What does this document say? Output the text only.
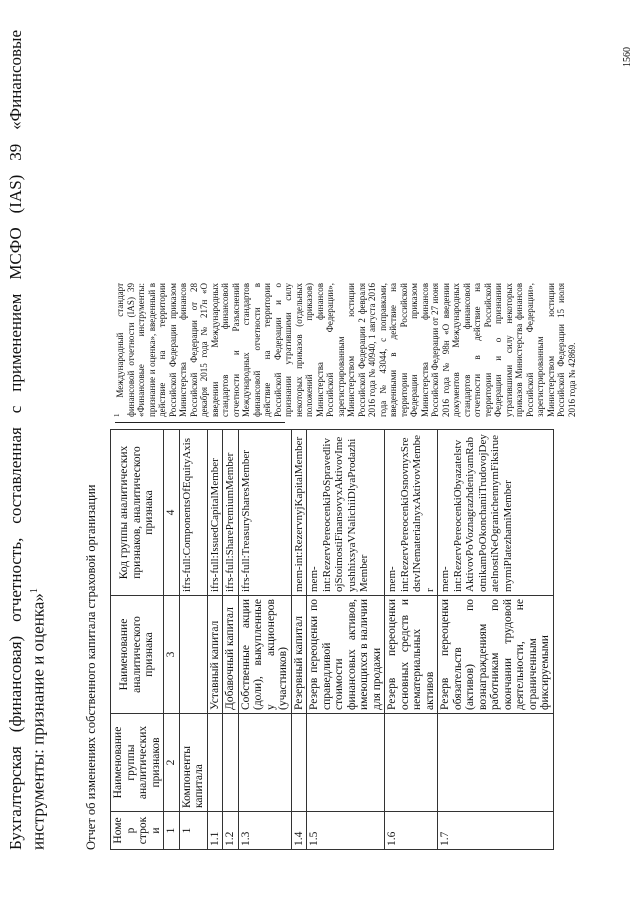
Бухгалтерская (финансовая) отчетность, составленная с применением МСФО (IAS) 39 «Финансовые инструменты: признание и оценка»$^1$	Отчет об изменениях собственного капитала страховой организации Номер строки	Наименование группы аналитических признаков	Наименование аналитического признака	Код группы аналитических признаков, аналитического признака
1	2	3	4
1	Компоненты капитала		ifrs-full:ComponentsOfEquityAxis
1.1		Уставный капитал	ifrs-full:IssuedCapitalMember
1.2		Добавочный капитал	ifrs-full:SharePremiumMember
1.3		Собственные акции (доли), выкупленные у акционеров (участников)	ifrs-full:TreasurySharesMember
1.4		Резервный капитал	mem-int:RezervnyjKapitalMember
1.5		Резерв переоценки по справедливой стоимости финансовых активов, имеющихся в наличии для продажи	mem-int:RezervPereocenkiPoSpravedlivojStoimostiFinansovyxAktivovImeyushhixsyaVNalichiiDlyaProdazhiMember
1.6		Резерв переоценки основных средств и нематериальных активов	mem-int:RezervPereocenkiOsnovnyxSredstvINematerialnyxAktivovMember
1.7		Резерв переоценки обязательств (активов) по вознаграждениям работникам по окончании трудовой деятельности, не ограниченным фиксируемыми	mem-int:RezervPereocenkiObyazatelstvAktivovPoVoznagrazhdeniyamRabotnikamPoOkonchaniiTrudovojDeyatelnostiNeOgranichennymFiksiruemymiPlatezhamiMember
$^1$ Международный стандарт финансовой отчетности (IAS) 39 «Финансовые инструменты: признание и оценка», введенный в действие на территории Российской Федерации приказом Министерства финансов Российской Федерации от 28 декабря 2015 года № 217н «О введении Международных стандартов финансовой отчетности и Разъяснений Международных стандартов финансовой отчетности в действие на территории Российской Федерации и о признании утратившими силу некоторых приказов (отдельных положений приказов) Министерства финансов Российской Федерации», зарегистрированным Министерством юстиции Российской Федерации 2 февраля 2016 года № 40940, 1 августа 2016 года № 43044, с поправками, введенными в действие на территории Российской Федерации приказом Министерства финансов Российской Федерации от 27 июня 2016 года № 98н «О введении документов Международных стандартов финансовой отчетности в действие на территории Российской Федерации и о признании утратившими силу некоторых приказов Министерства финансов Российской Федерации», зарегистрированным Министерством юстиции Российской Федерации 15 июля 2016 года № 42869.
1560
